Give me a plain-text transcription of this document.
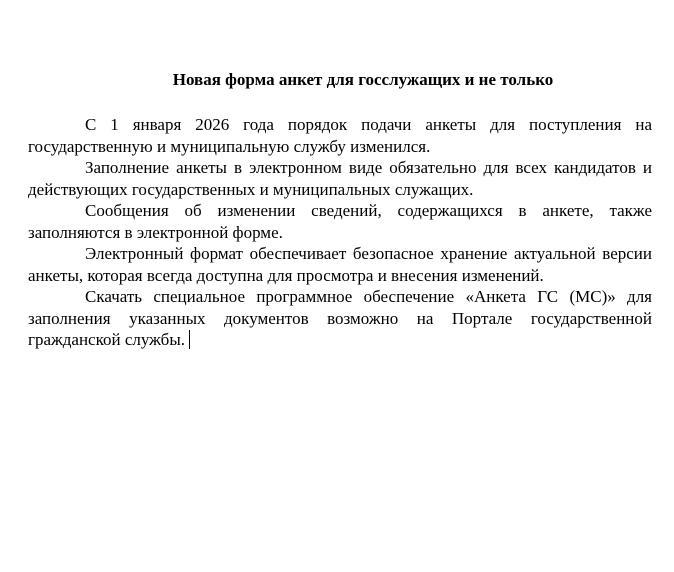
Новая форма анкет для госслужащих и не только

С 1 января 2026 года порядок подачи анкеты для поступления на государственную и муниципальную службу изменился.

Заполнение анкеты в электронном виде обязательно для всех кандидатов и действующих государственных и муниципальных служащих.

Сообщения об изменении сведений, содержащихся в анкете, также заполняются в электронной форме.

Электронный формат обеспечивает безопасное хранение актуальной версии анкеты, которая всегда доступна для просмотра и внесения изменений.

Скачать специальное программное обеспечение «Анкета ГС (МС)» для заполнения указанных документов возможно на Портале государственной гражданской службы.
